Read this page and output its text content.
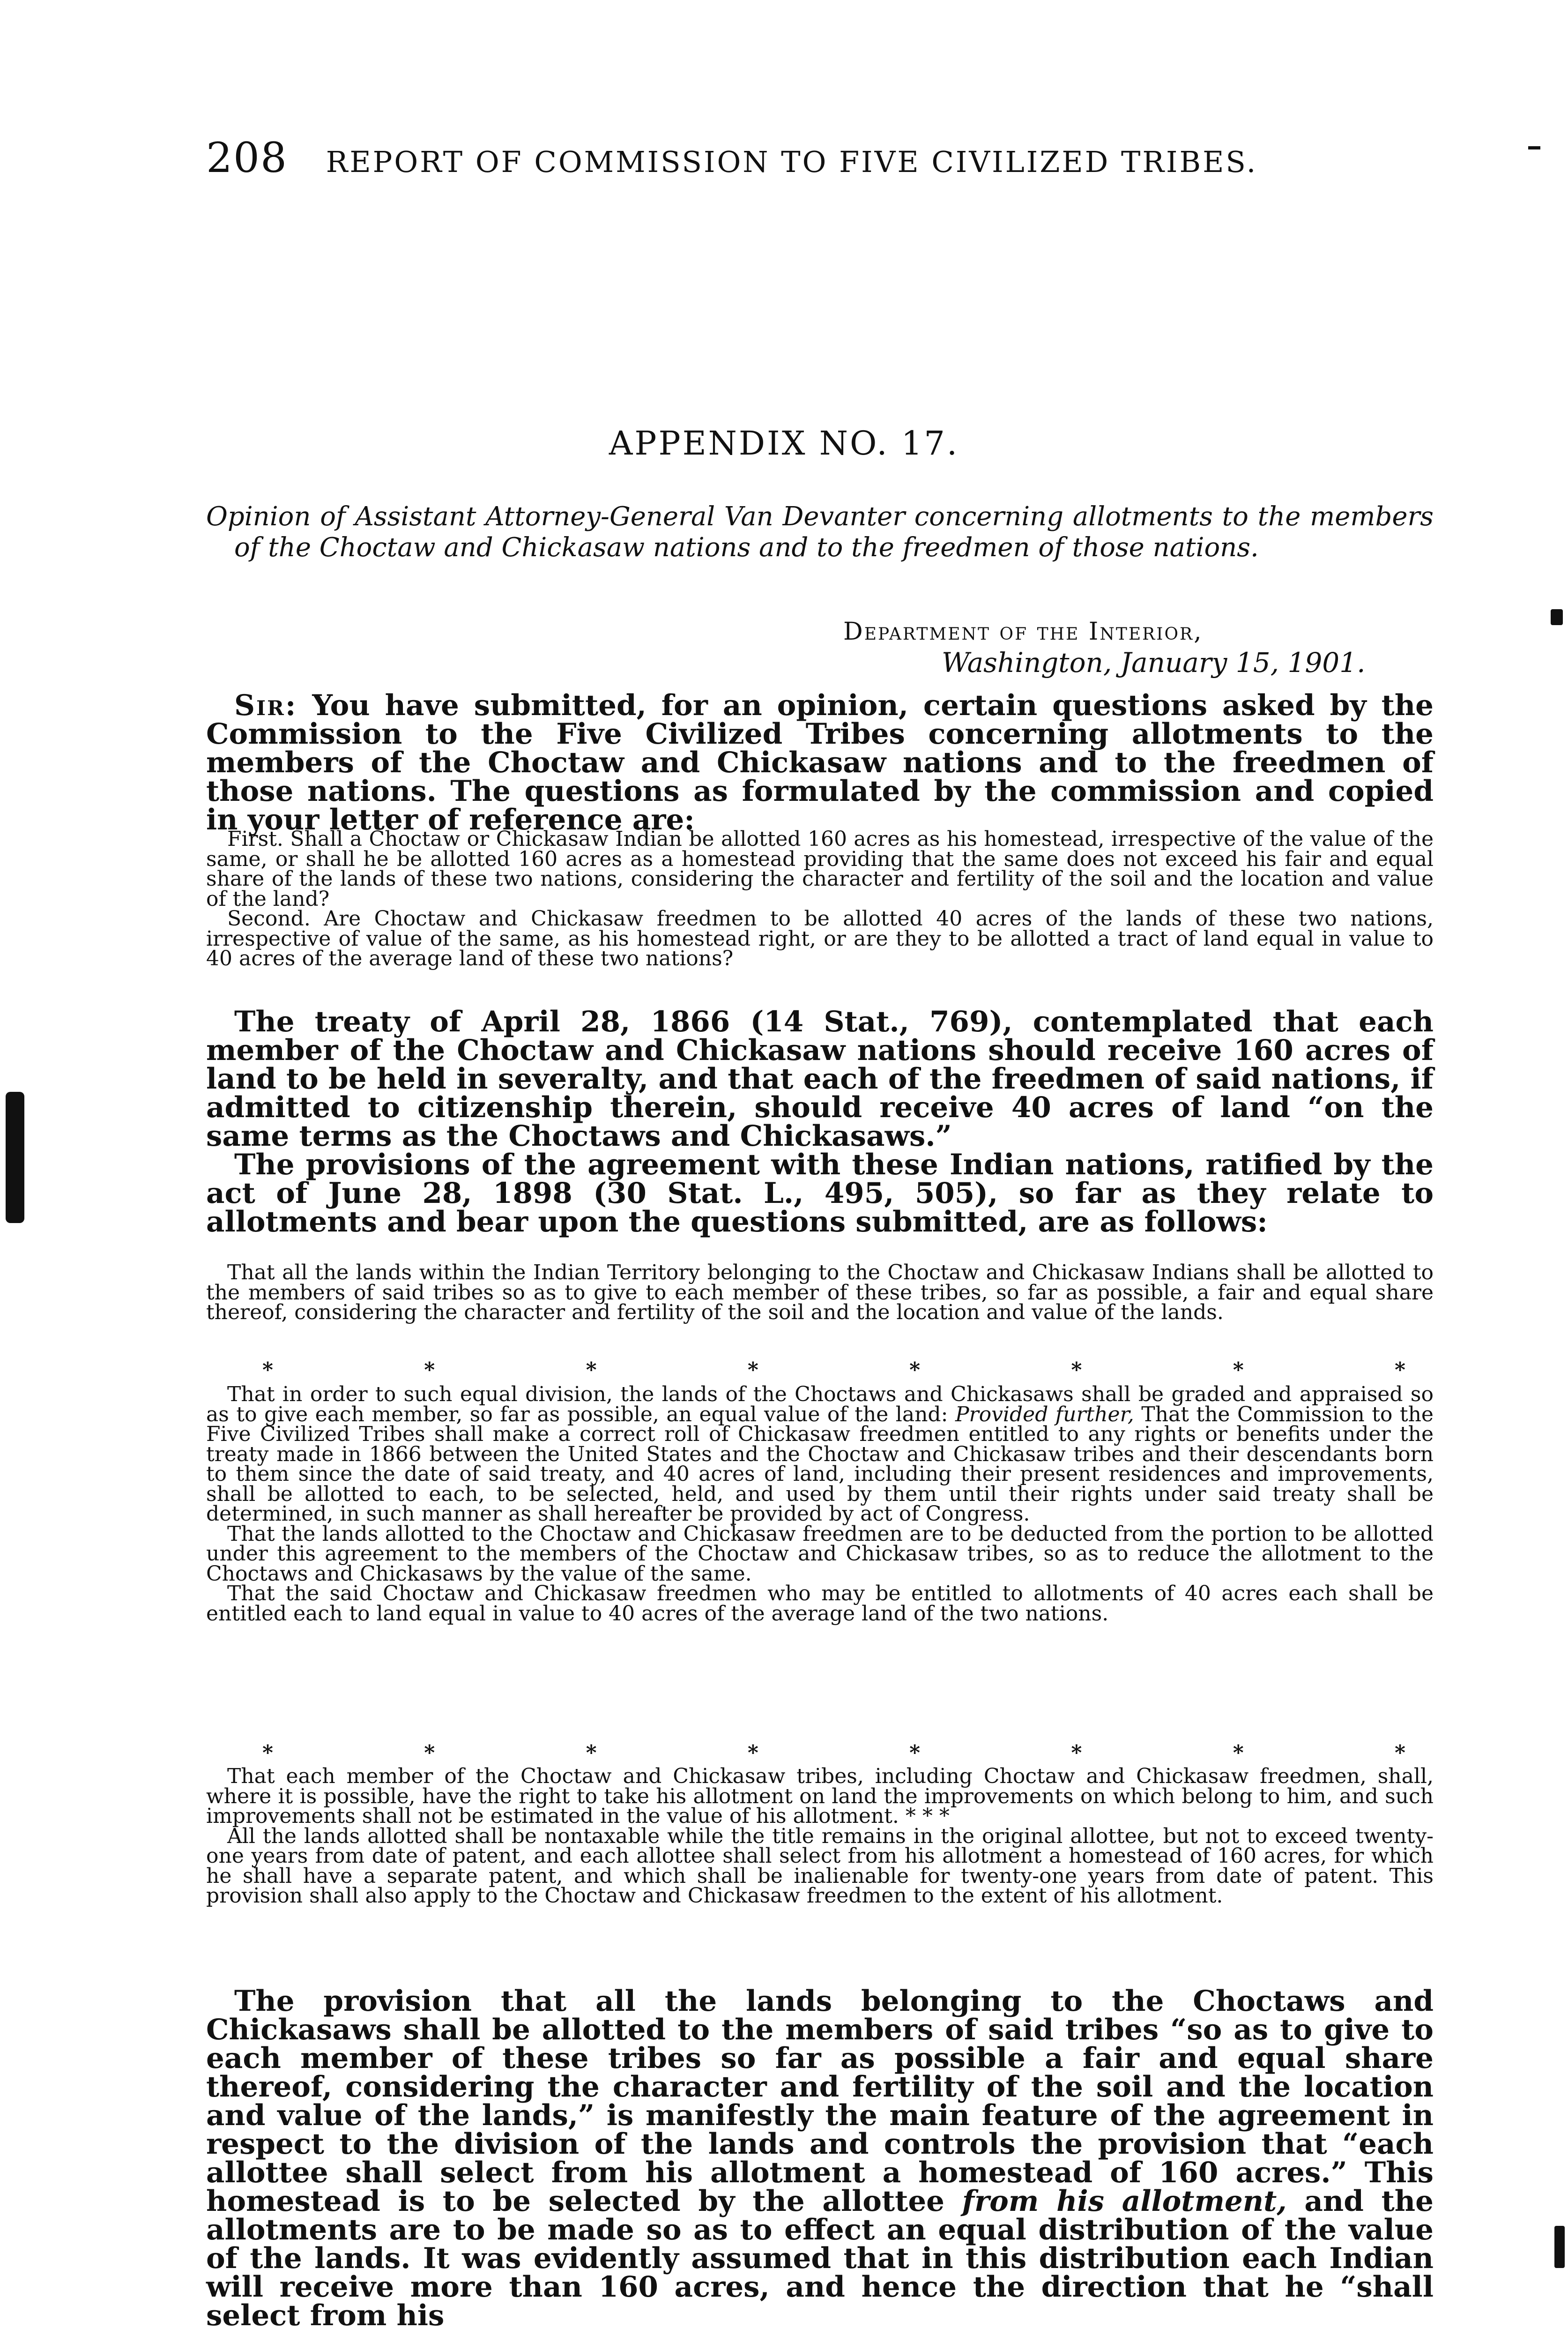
208 REPORT OF COMMISSION TO FIVE CIVILIZED TRIBES.
APPENDIX NO. 17.
Opinion of Assistant Attorney-General Van Devanter concerning allotments to the members of the Choctaw and Chickasaw nations and to the freedmen of those nations.
Department of the Interior,
Washington, January 15, 1901.

Sir: You have submitted, for an opinion, certain questions asked by the Commission to the Five Civilized Tribes concerning allotments to the members of the Choctaw and Chickasaw nations and to the freedmen of those nations. The questions as formulated by the commission and copied in your letter of reference are:

First. Shall a Choctaw or Chickasaw Indian be allotted 160 acres as his homestead, irrespective of the value of the same, or shall he be allotted 160 acres as a homestead providing that the same does not exceed his fair and equal share of the lands of these two nations, considering the character and fertility of the soil and the location and value of the land?

Second. Are Choctaw and Chickasaw freedmen to be allotted 40 acres of the lands of these two nations, irrespective of value of the same, as his homestead right, or are they to be allotted a tract of land equal in value to 40 acres of the average land of these two nations?

The treaty of April 28, 1866 (14 Stat., 769), contemplated that each member of the Choctaw and Chickasaw nations should receive 160 acres of land to be held in severalty, and that each of the freedmen of said nations, if admitted to citizenship therein, should receive 40 acres of land “on the same terms as the Choctaws and Chickasaws.”

The provisions of the agreement with these Indian nations, ratified by the act of June 28, 1898 (30 Stat. L., 495, 505), so far as they relate to allotments and bear upon the questions submitted, are as follows:

That all the lands within the Indian Territory belonging to the Choctaw and Chickasaw Indians shall be allotted to the members of said tribes so as to give to each member of these tribes, so far as possible, a fair and equal share thereof, considering the character and fertility of the soil and the location and value of the lands.

*	*	*	*	*	*	*	*

That in order to such equal division, the lands of the Choctaws and Chickasaws shall be graded and appraised so as to give each member, so far as possible, an equal value of the land: Provided further, That the Commission to the Five Civilized Tribes shall make a correct roll of Chickasaw freedmen entitled to any rights or benefits under the treaty made in 1866 between the United States and the Choctaw and Chickasaw tribes and their descendants born to them since the date of said treaty, and 40 acres of land, including their present residences and improvements, shall be allotted to each, to be selected, held, and used by them until their rights under said treaty shall be determined, in such manner as shall hereafter be provided by act of Congress.

That the lands allotted to the Choctaw and Chickasaw freedmen are to be deducted from the portion to be allotted under this agreement to the members of the Choctaw and Chickasaw tribes, so as to reduce the allotment to the Choctaws and Chickasaws by the value of the same.

That the said Choctaw and Chickasaw freedmen who may be entitled to allotments of 40 acres each shall be entitled each to land equal in value to 40 acres of the average land of the two nations.

*	*	*	*	*	*	*	*

That each member of the Choctaw and Chickasaw tribes, including Choctaw and Chickasaw freedmen, shall, where it is possible, have the right to take his allotment on land the improvements on which belong to him, and such improvements shall not be estimated in the value of his allotment. * * *

All the lands allotted shall be nontaxable while the title remains in the original allottee, but not to exceed twenty-one years from date of patent, and each allottee shall select from his allotment a homestead of 160 acres, for which he shall have a separate patent, and which shall be inalienable for twenty-one years from date of patent. This provision shall also apply to the Choctaw and Chickasaw freedmen to the extent of his allotment.

The provision that all the lands belonging to the Choctaws and Chickasaws shall be allotted to the members of said tribes “so as to give to each member of these tribes so far as possible a fair and equal share thereof, considering the character and fertility of the soil and the location and value of the lands,” is manifestly the main feature of the agreement in respect to the division of the lands and controls the provision that “each allottee shall select from his allotment a homestead of 160 acres.” This homestead is to be selected by the allottee from his allotment, and the allotments are to be made so as to effect an equal distribution of the value of the lands. It was evidently assumed that in this distribution each Indian will receive more than 160 acres, and hence the direction that he “shall select from his
